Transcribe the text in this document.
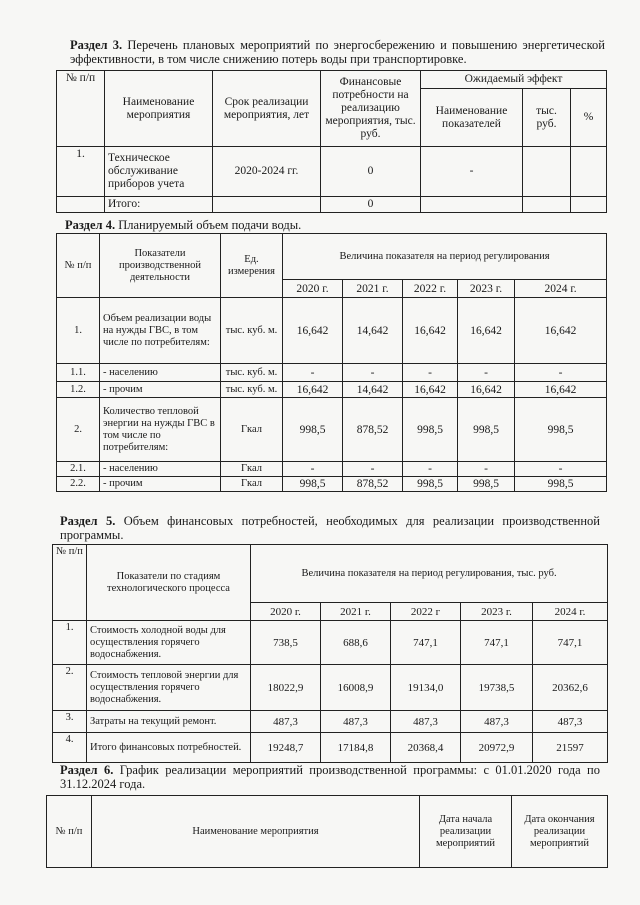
Раздел 3. Перечень плановых мероприятий по энергосбережению и повышению энергетической эффективности, в том числе снижению потерь воды при транспортировке.
№ п/п	Наименование мероприятия	Срок реализации мероприятия, лет	Финансовые потребности на реализацию мероприятия, тыс. руб.	Ожидаемый эффект		
				Наименование показателей	тыс. руб.	%
1.	Техническое обслуживание приборов учета	2020-2024 гг.	0	-		
	Итого:		0			
Раздел 4. Планируемый объем подачи воды.
№ п/п	Показатели производственной деятельности	Ед. измерения	Величина показателя на период регулирования				
			2020 г.	2021 г.	2022 г.	2023 г.	2024 г.
1.	Объем реализации воды на нужды ГВС, в том числе по потребителям:	тыс. куб. м.	16,642	14,642	16,642	16,642	16,642
1.1.	- населению	тыс. куб. м.	-	-	-	-	-
1.2.	- прочим	тыс. куб. м.	16,642	14,642	16,642	16,642	16,642
2.	Количество тепловой энергии на нужды ГВС в том числе по потребителям:	Гкал	998,5	878,52	998,5	998,5	998,5
2.1.	- населению	Гкал	-	-	-	-	-
2.2.	- прочим	Гкал	998,5	878,52	998,5	998,5	998,5
Раздел 5. Объем финансовых потребностей, необходимых для реализации производственной программы.
№ п/п	Показатели по стадиям технологического процесса	Величина показателя на период регулирования, тыс. руб.				
		2020 г.	2021 г.	2022 г	2023 г.	2024 г.
1.	Стоимость холодной воды для осуществления горячего водоснабжения.	738,5	688,6	747,1	747,1	747,1
2.	Стоимость тепловой энергии для осуществления горячего водоснабжения.	18022,9	16008,9	19134,0	19738,5	20362,6
3.	Затраты на текущий ремонт.	487,3	487,3	487,3	487,3	487,3
4.	Итого финансовых потребностей.	19248,7	17184,8	20368,4	20972,9	21597
Раздел 6. График реализации мероприятий производственной программы: с 01.01.2020 года по 31.12.2024 года.
№ п/п	Наименование мероприятия	Дата начала реализации мероприятий	Дата окончания реализации мероприятий
